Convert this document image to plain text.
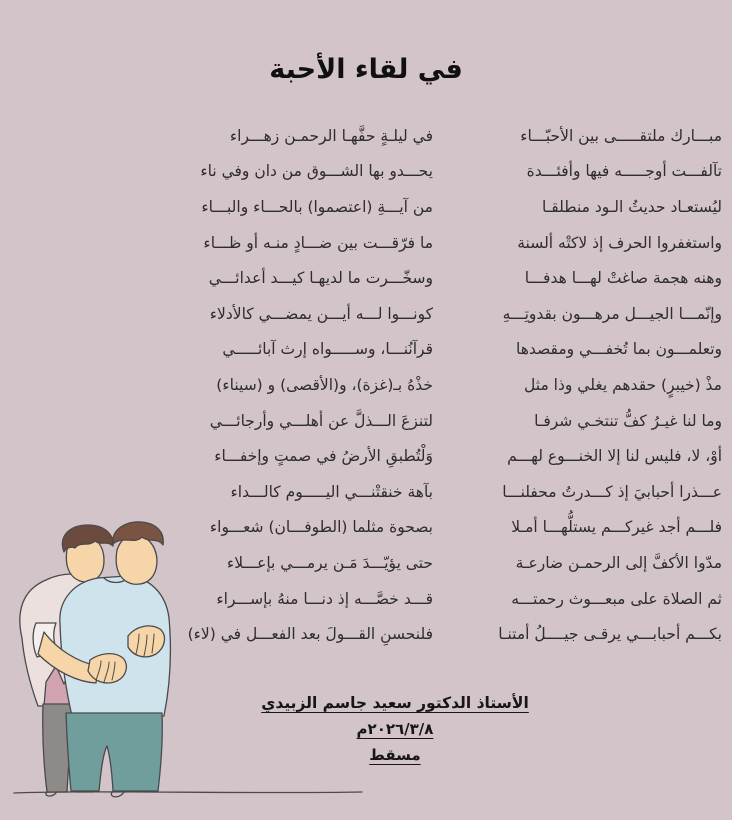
في لقاء الأحبة
مبـــارك ملتقـــــى بين الأحبّـــاء
في ليلـةٍ حفَّهـا الرحمـن زهـــراء
تآلفـــت أوجـــــه فيها وأفئـــدة
يحـــدو بها الشـــوق من دان وفي ناء
ليُستعـاد حديثُ الـود منطلقـا
من آيـــةِ (اعتصموا) بالحـــاء والبـــاء
واستغفروا الحرف إذ لاكتْه ألسنة
ما فرّقـــت بين ضـــادٍ منـه أو ظـــاء
وهنه هجمة صاغتْ لهـــا هدفـــا
وسخّـــرت ما لديهـا كيـــد أعدائـــي
وإنّمـــا الجيـــل مرهـــون بقدوتِـــهِ
كونـــوا لـــه أيـــن يمضـــي كالأدلاء
وتعلمـــون بما تُخفـــي ومقصدها
قرآنُنـــا، وســـــواه إرث آبائـــــي
مذْ (خيبرٍ) حقدهم يغلي وذا مثل
خذْهُ بـ(غزة)، و(الأقصى) و (سيناء)
وما لنا غيـرُ كفُّ تنتخـي شرفـا
لتنزعَ الـــذلَّ عن أهلـــي وأرجائـــي
أوْ، لا، فليس لنا إلا الخنـــوع لهـــم
وَلْتُطبقِ الأرضُ في صمتٍ وإخفـــاء
عـــذرا أحبابيَ إذ كـــدرتُ محفلنـــا
بآهة خنقتْنـــي اليـــــوم كالـــداء
فلـــم أجد غيركـــم يستلُّهـــا أمـلا
بصحوة مثلما (الطوفـــان) شعـــواء
مدّوا الأكفَّ إلى الرحمـن ضارعـة
حتى يؤيّـــدَ مَـن يرمـــي بإعـــلاء
ثم الصلاة على مبعـــوث رحمتـــه
قـــد خصَّـــه إذ دنـــا منهُ بإســـراء
بكـــم أحبابـــي يرقـى جيــــلُ أمتنـا
فلنحسنِ القـــولَ بعد الفعـــل في (لاء)
الأستاذ الدكتور سعيد جاسم الزبيدي
٢٠٢٦/٣/٨م
مسقط
